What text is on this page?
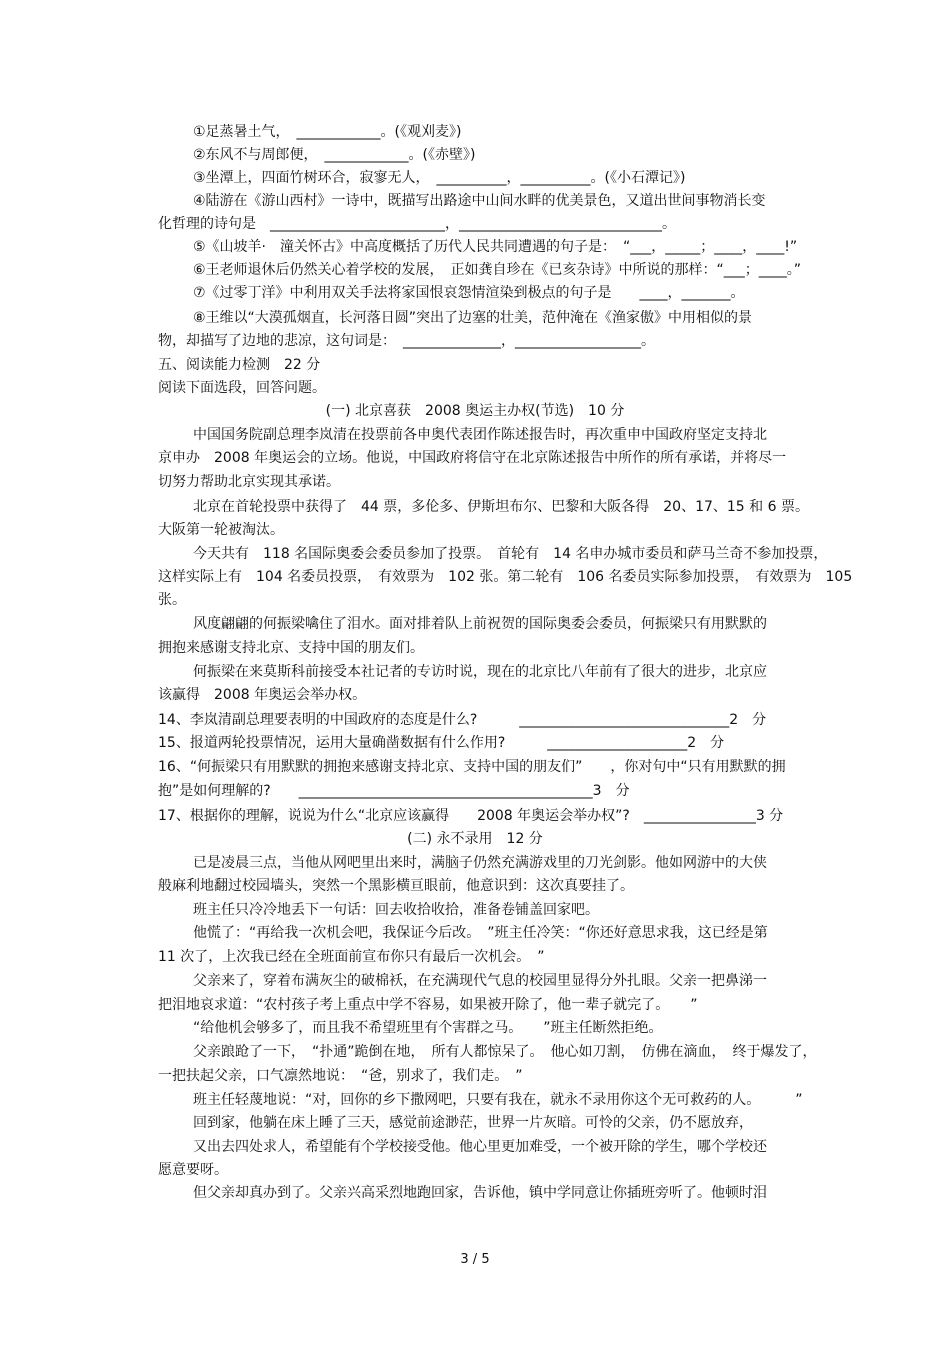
①足蒸暑土气，　____________。(《观刈麦》)
②东风不与周郎便，　____________。(《赤壁》)
③坐潭上，四面竹树环合，寂寥无人，　__________，__________。(《小石潭记》)
④陆游在《游山西村》一诗中，既描写出路途中山间水畔的优美景色，又道出世间事物消长变
化哲理的诗句是　_________________________，_____________________________。
⑤《山坡羊·　潼关怀古》中高度概括了历代人民共同遭遇的句子是：　“___，_____；____，____!”
⑥王老师退休后仍然关心着学校的发展，　正如龚自珍在《已亥杂诗》中所说的那样：“___；____。”
⑦《过零丁洋》中利用双关手法将家国恨哀怨情渲染到极点的句子是　　____，_______。
⑧王维以“大漠孤烟直，长河落日圆”突出了边塞的壮美，范仲淹在《渔家傲》中用相似的景
物，却描写了边地的悲凉，这句词是：　______________，__________________。
五、阅读能力检测　22 分
阅读下面选段，回答问题。
(一) 北京喜获　2008 奥运主办权(节选)　10 分
中国国务院副总理李岚清在投票前各申奥代表团作陈述报告时，再次重申中国政府坚定支持北
京申办　2008 年奥运会的立场。他说，中国政府将信守在北京陈述报告中所作的所有承诺，并将尽一
切努力帮助北京实现其承诺。
北京在首轮投票中获得了　44 票，多伦多、伊斯坦布尔、巴黎和大阪各得　20、17、15 和 6 票。
大阪第一轮被淘汰。
今天共有　118 名国际奥委会委员参加了投票。　首轮有　14 名申办城市委员和萨马兰奇不参加投票，
这样实际上有　104 名委员投票，　有效票为　102 张。第二轮有　106 名委员实际参加投票，　有效票为　105
张。
风度翩翩的何振梁噙住了泪水。面对排着队上前祝贺的国际奥委会委员，何振梁只有用默默的
拥抱来感谢支持北京、支持中国的朋友们。
何振梁在来莫斯科前接受本社记者的专访时说，现在的北京比八年前有了很大的进步，北京应
该赢得　2008 年奥运会举办权。
14、李岚清副总理要表明的中国政府的态度是什么?　　　______________________________2　分
15、报道两轮投票情况，运用大量确凿数据有什么作用?　　　____________________2　分
16、“何振梁只有用默默的拥抱来感谢支持北京、支持中国的朋友们”　　，你对句中“只有用默默的拥
抱”是如何理解的?　　__________________________________________3　分
17、根据你的理解，说说为什么“北京应该赢得　　2008 年奥运会举办权”?　________________3 分
(二) 永不录用　12 分
已是凌晨三点，当他从网吧里出来时，满脑子仍然充满游戏里的刀光剑影。他如网游中的大侠
般麻利地翻过校园墙头，突然一个黑影横亘眼前，他意识到：这次真要挂了。
班主任只冷冷地丢下一句话：回去收拾收拾，准备卷铺盖回家吧。
他慌了：“再给我一次机会吧，我保证今后改。　”班主任冷笑：“你还好意思求我，这已经是第
11 次了，上次我已经在全班面前宣布你只有最后一次机会。　”
父亲来了，穿着布满灰尘的破棉袄，在充满现代气息的校园里显得分外扎眼。父亲一把鼻涕一
把泪地哀求道：“农村孩子考上重点中学不容易，如果被开除了，他一辈子就完了。　　”
“给他机会够多了，而且我不希望班里有个害群之马。　　”班主任断然拒绝。
父亲踉跄了一下，　“扑通”跪倒在地，　所有人都惊呆了。　他心如刀割，　仿佛在滴血，　终于爆发了，
一把扶起父亲，口气凛然地说：　“爸，别求了，我们走。　”
班主任轻蔑地说：“对，回你的乡下撒网吧，只要有我在，就永不录用你这个无可救药的人。　　　”
回到家，他躺在床上睡了三天，感觉前途渺茫，世界一片灰暗。可怜的父亲，仍不愿放弃，
又出去四处求人，希望能有个学校接受他。他心里更加难受，一个被开除的学生，哪个学校还
愿意要呀。
但父亲却真办到了。父亲兴高采烈地跑回家，告诉他，镇中学同意让你插班旁听了。他顿时泪
3 / 5
